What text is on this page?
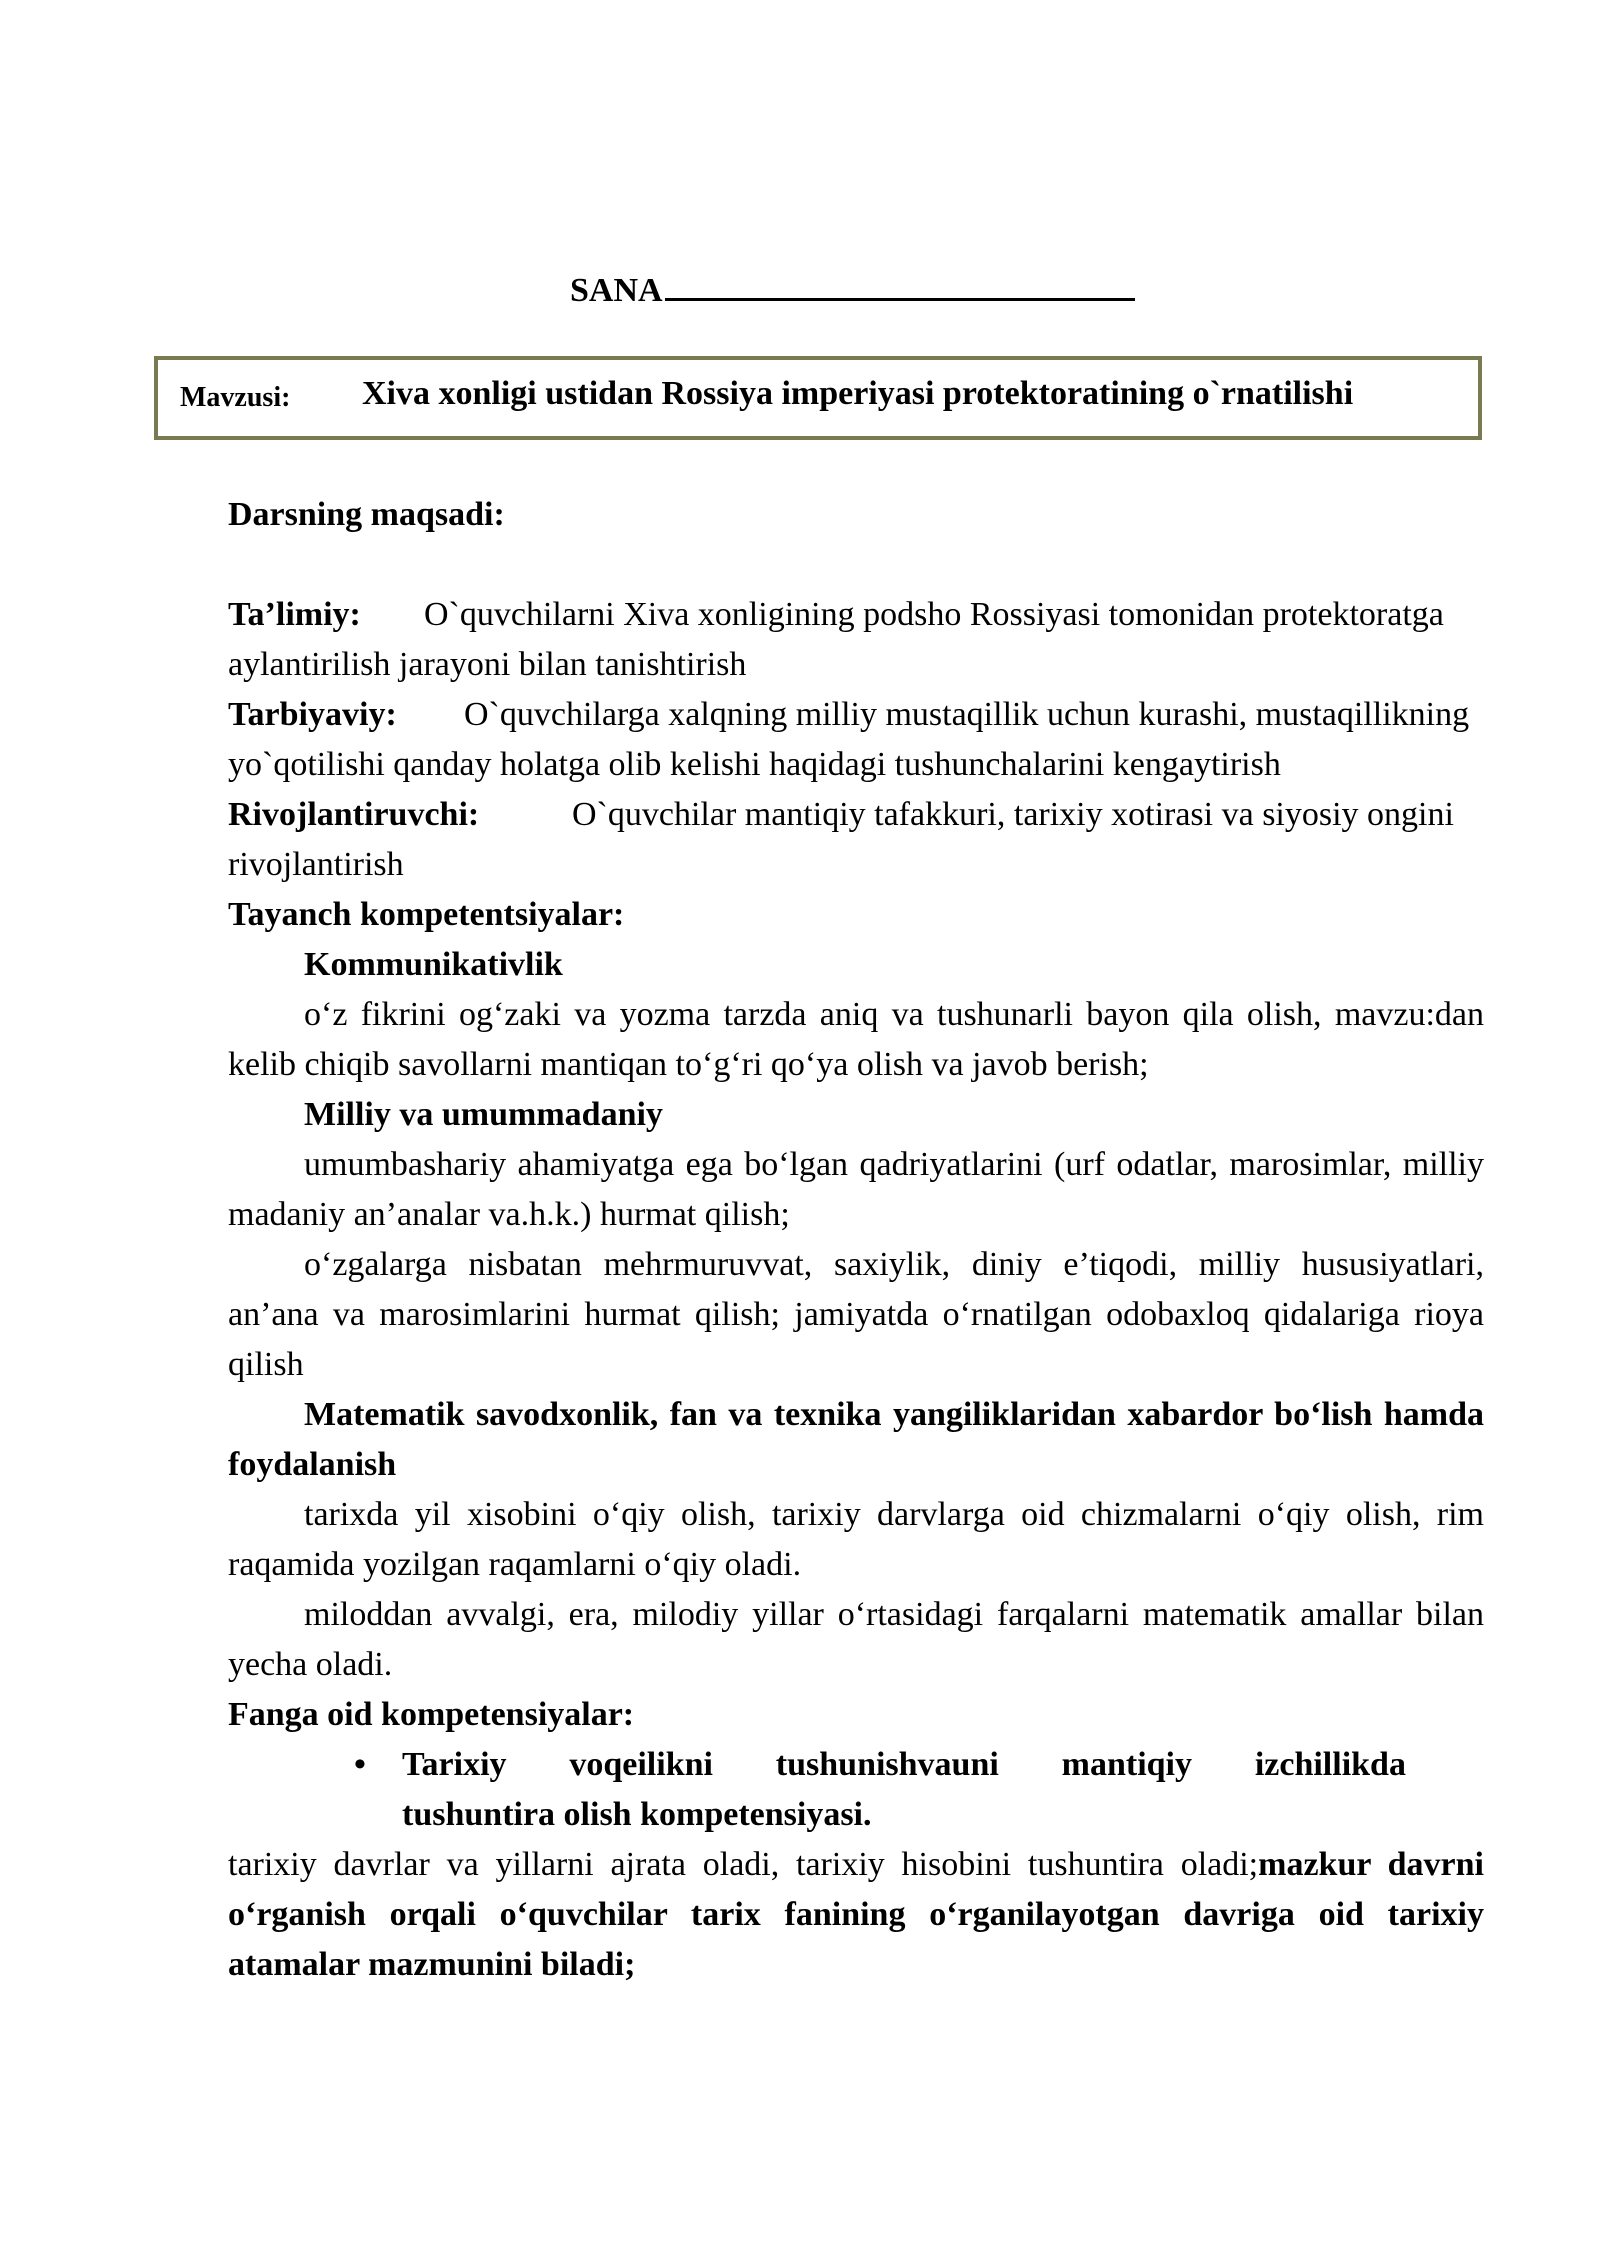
SANA
Mavzusi: Xiva xonligi ustidan Rossiya imperiyasi protektoratining o`rnatilishi

Darsning maqsadi:

Ta’limiy: O`quvchilarni Xiva xonligining podsho Rossiyasi tomonidan protektoratga aylantirilish jarayoni bilan tanishtirish

Tarbiyaviy: O`quvchilarga xalqning milliy mustaqillik uchun kurashi, mustaqillikning yo`qotilishi qanday holatga olib kelishi haqidagi tushunchalarini kengaytirish

Rivojlantiruvchi:	O`quvchilar mantiqiy tafakkuri, tarixiy xotirasi va siyosiy ongini rivojlantirish

Tayanch kompetentsiyalar:

Kommunikativlik

o‘z fikrini og‘zaki va yozma tarzda aniq va tushunarli bayon qila olish, mavzu:dan kelib chiqib savollarni mantiqan to‘g‘ri qo‘ya olish va javob berish;

Milliy va umummadaniy

umumbashariy ahamiyatga ega bo‘lgan qadriyatlarini (urf odatlar, marosimlar, milliy madaniy an’analar va.h.k.) hurmat qilish;

o‘zgalarga nisbatan mehrmuruvvat, saxiylik, diniy e’tiqodi, milliy hususiyatlari, an’ana va marosimlarini hurmat qilish; jamiyatda o‘rnatilgan odobaxloq qidalariga rioya qilish

Matematik savodxonlik, fan va texnika yangiliklaridan xabardor bo‘lish hamda foydalanish

tarixda yil xisobini o‘qiy olish, tarixiy darvlarga oid chizmalarni o‘qiy olish, rim raqamida yozilgan raqamlarni o‘qiy oladi.

miloddan avvalgi, era, milodiy yillar o‘rtasidagi farqalarni matematik amallar bilan yecha oladi.

Fanga oid kompetensiyalar:

• Tarixiy voqeilikni tushunishvauni mantiqiy izchillikda
tushuntira olish kompetensiyasi.

tarixiy davrlar va yillarni ajrata oladi, tarixiy hisobini tushuntira oladi;mazkur davrni o‘rganish orqali o‘quvchilar tarix fanining o‘rganilayotgan davriga oid tarixiy atamalar mazmunini biladi;
